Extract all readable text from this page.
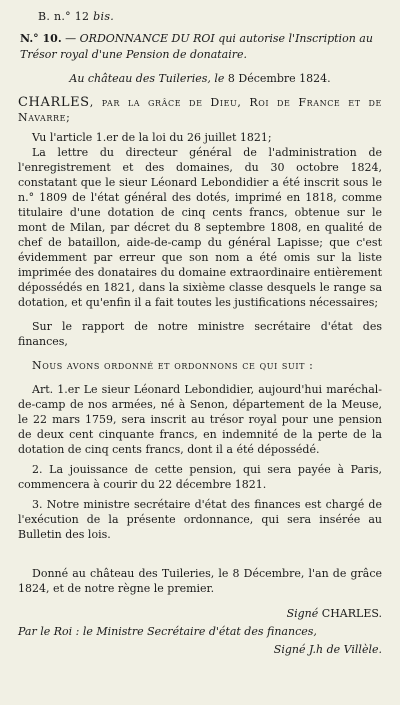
B. n.° 12 bis.
N.° 10. — ORDONNANCE DU ROI qui autorise l'Inscription au Trésor royal d'une Pension de donataire.
Au château des Tuileries, le 8 Décembre 1824.

CHARLES, par la grâce de Dieu, Roi de France et de Navarre;

Vu l'article 1.er de la loi du 26 juillet 1821;

La lettre du directeur général de l'administration de l'enregistrement et des domaines, du 30 octobre 1824, constatant que le sieur Léonard Lebondidier a été inscrit sous le n.° 1809 de l'état général des dotés, imprimé en 1818, comme titulaire d'une dotation de cinq cents francs, obtenue sur le mont de Milan, par décret du 8 septembre 1808, en qualité de chef de bataillon, aide-de-camp du général Lapisse; que c'est évidemment par erreur que son nom a été omis sur la liste imprimée des donataires du domaine extraordinaire entièrement dépossédés en 1821, dans la sixième classe desquels le range sa dotation, et qu'enfin il a fait toutes les justifications nécessaires;

Sur le rapport de notre ministre secrétaire d'état des finances,

Nous avons ordonné et ordonnons ce qui suit :

Art. 1.er Le sieur Léonard Lebondidier, aujourd'hui maréchal-de-camp de nos armées, né à Senon, département de la Meuse, le 22 mars 1759, sera inscrit au trésor royal pour une pension de deux cent cinquante francs, en indemnité de la perte de la dotation de cinq cents francs, dont il a été dépossédé.

2. La jouissance de cette pension, qui sera payée à Paris, commencera à courir du 22 décembre 1821.

3. Notre ministre secrétaire d'état des finances est chargé de l'exécution de la présente ordonnance, qui sera insérée au Bulletin des lois.

Donné au château des Tuileries, le 8 Décembre, l'an de grâce 1824, et de notre règne le premier.

Signé CHARLES.

Par le Roi : le Ministre Secrétaire d'état des finances,

Signé J.h de Villèle.
